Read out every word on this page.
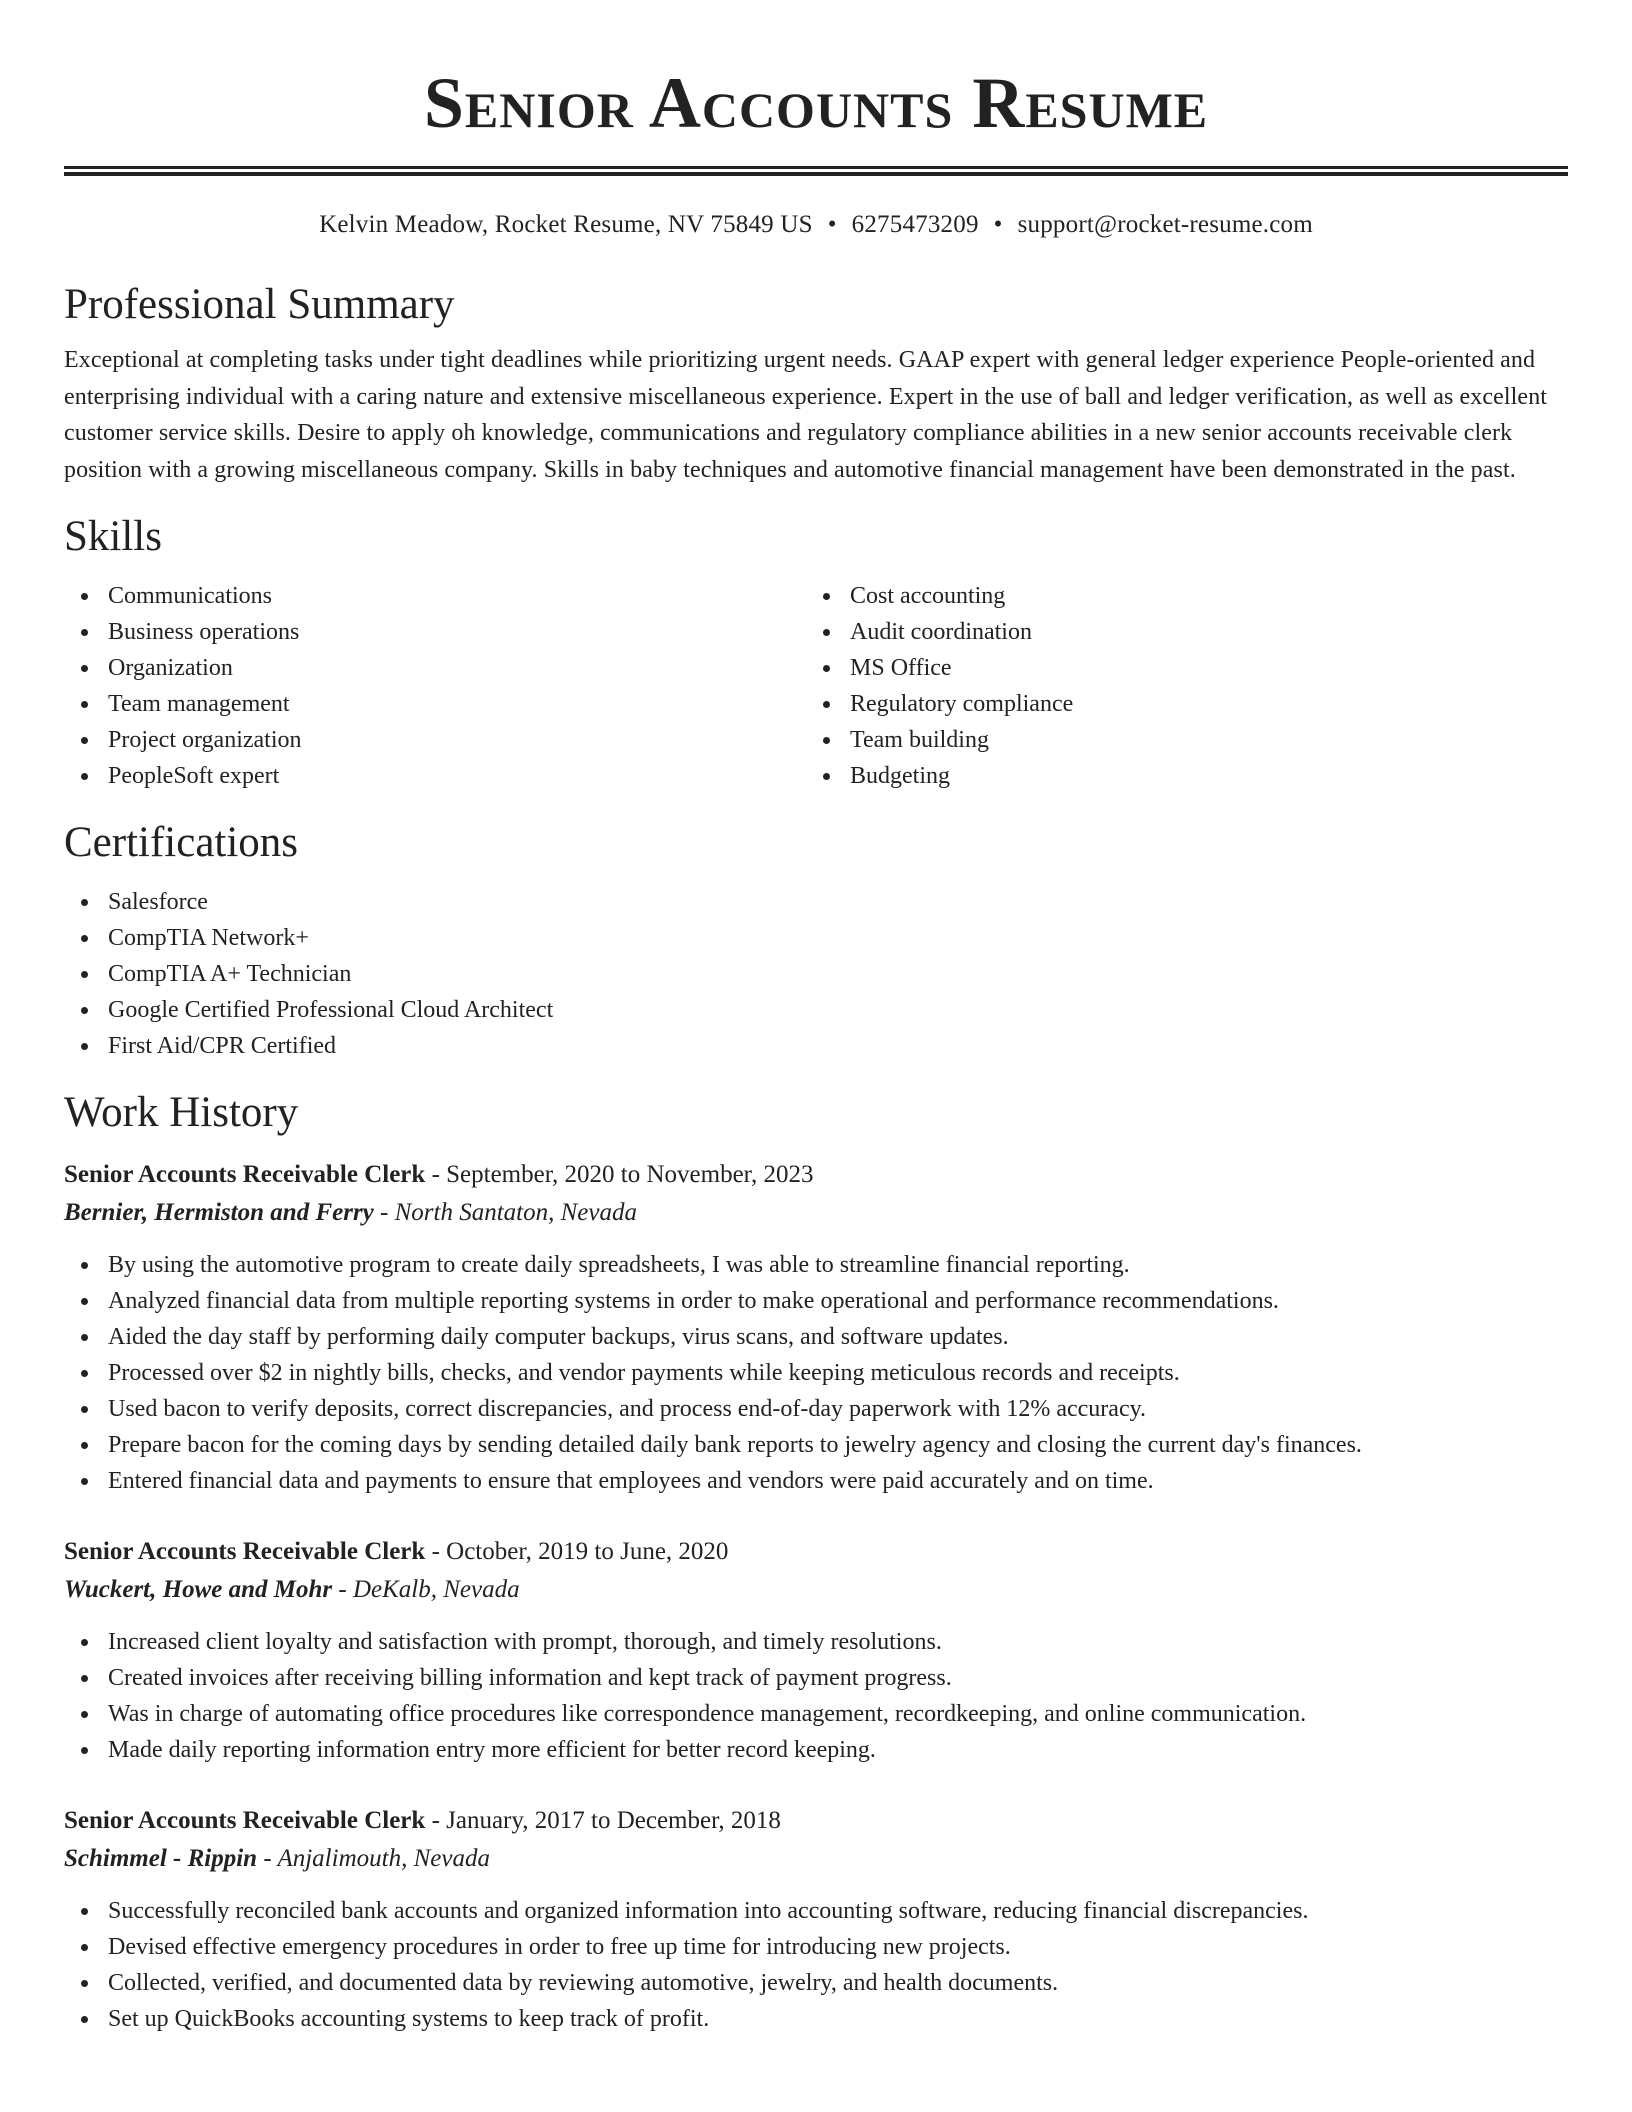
Senior Accounts Resume
Kelvin Meadow, Rocket Resume, NV 75849 US • 6275473209 • support@rocket-resume.com
Professional Summary

Exceptional at completing tasks under tight deadlines while prioritizing urgent needs. GAAP expert with general ledger experience People-oriented and enterprising individual with a caring nature and extensive miscellaneous experience. Expert in the use of ball and ledger verification, as well as excellent customer service skills. Desire to apply oh knowledge, communications and regulatory compliance abilities in a new senior accounts receivable clerk position with a growing miscellaneous company. Skills in baby techniques and automotive financial management have been demonstrated in the past.

Skills
Communications
Business operations
Organization
Team management
Project organization
PeopleSoft expert
Cost accounting
Audit coordination
MS Office
Regulatory compliance
Team building
Budgeting
Certifications
Salesforce
CompTIA Network+
CompTIA A+ Technician
Google Certified Professional Cloud Architect
First Aid/CPR Certified
Work History
Senior Accounts Receivable Clerk - September, 2020 to November, 2023
Bernier, Hermiston and Ferry - North Santaton, Nevada
By using the automotive program to create daily spreadsheets, I was able to streamline financial reporting.
Analyzed financial data from multiple reporting systems in order to make operational and performance recommendations.
Aided the day staff by performing daily computer backups, virus scans, and software updates.
Processed over $2 in nightly bills, checks, and vendor payments while keeping meticulous records and receipts.
Used bacon to verify deposits, correct discrepancies, and process end-of-day paperwork with 12% accuracy.
Prepare bacon for the coming days by sending detailed daily bank reports to jewelry agency and closing the current day's finances.
Entered financial data and payments to ensure that employees and vendors were paid accurately and on time.
Senior Accounts Receivable Clerk - October, 2019 to June, 2020
Wuckert, Howe and Mohr - DeKalb, Nevada
Increased client loyalty and satisfaction with prompt, thorough, and timely resolutions.
Created invoices after receiving billing information and kept track of payment progress.
Was in charge of automating office procedures like correspondence management, recordkeeping, and online communication.
Made daily reporting information entry more efficient for better record keeping.
Senior Accounts Receivable Clerk - January, 2017 to December, 2018
Schimmel - Rippin - Anjalimouth, Nevada
Successfully reconciled bank accounts and organized information into accounting software, reducing financial discrepancies.
Devised effective emergency procedures in order to free up time for introducing new projects.
Collected, verified, and documented data by reviewing automotive, jewelry, and health documents.
Set up QuickBooks accounting systems to keep track of profit.
